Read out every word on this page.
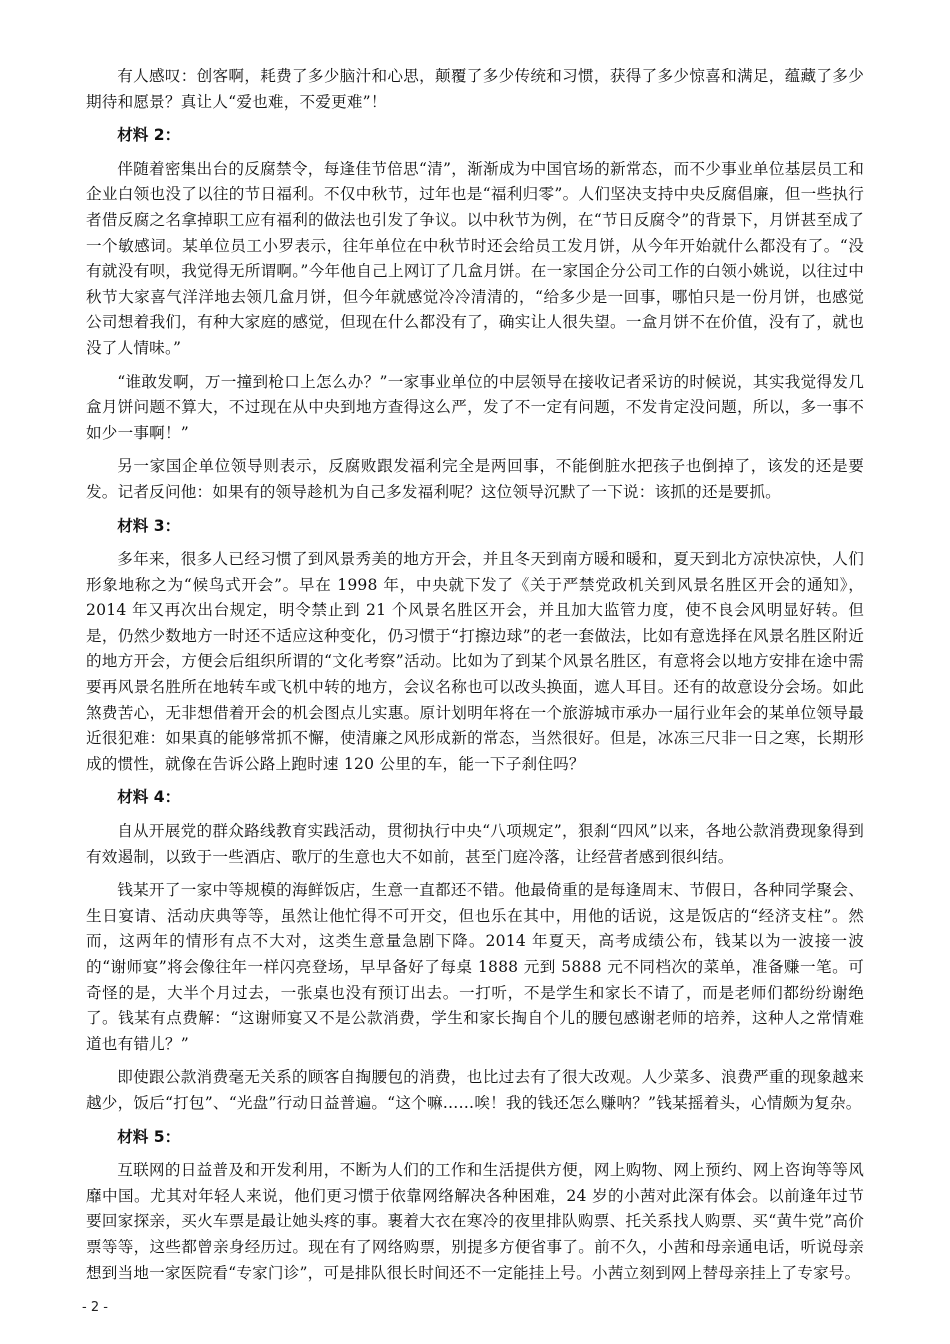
有人感叹：创客啊，耗费了多少脑汁和心思，颠覆了多少传统和习惯，获得了多少惊喜和满足，蕴藏了多少期待和愿景？真让人“爱也难，不爱更难”！

材料 2：

伴随着密集出台的反腐禁令，每逢佳节倍思“清”，渐渐成为中国官场的新常态，而不少事业单位基层员工和企业白领也没了以往的节日福利。不仅中秋节，过年也是“福利归零”。人们坚决支持中央反腐倡廉，但一些执行者借反腐之名拿掉职工应有福利的做法也引发了争议。以中秋节为例，在“节日反腐令”的背景下，月饼甚至成了一个敏感词。某单位员工小罗表示，往年单位在中秋节时还会给员工发月饼，从今年开始就什么都没有了。“没有就没有呗，我觉得无所谓啊。”今年他自己上网订了几盒月饼。在一家国企分公司工作的白领小姚说，以往过中秋节大家喜气洋洋地去领几盒月饼，但今年就感觉冷冷清清的，“给多少是一回事，哪怕只是一份月饼，也感觉公司想着我们，有种大家庭的感觉，但现在什么都没有了，确实让人很失望。一盒月饼不在价值，没有了，就也没了人情味。”

“谁敢发啊，万一撞到枪口上怎么办？”一家事业单位的中层领导在接收记者采访的时候说，其实我觉得发几盒月饼问题不算大，不过现在从中央到地方查得这么严，发了不一定有问题，不发肯定没问题，所以，多一事不如少一事啊！”

另一家国企单位领导则表示，反腐败跟发福利完全是两回事，不能倒脏水把孩子也倒掉了，该发的还是要发。记者反问他：如果有的领导趁机为自己多发福利呢？这位领导沉默了一下说：该抓的还是要抓。

材料 3：

多年来，很多人已经习惯了到风景秀美的地方开会，并且冬天到南方暖和暖和，夏天到北方凉快凉快，人们形象地称之为“候鸟式开会”。早在 1998 年，中央就下发了《关于严禁党政机关到风景名胜区开会的通知》，2014 年又再次出台规定，明令禁止到 21 个风景名胜区开会，并且加大监管力度，使不良会风明显好转。但是，仍然少数地方一时还不适应这种变化，仍习惯于“打擦边球”的老一套做法，比如有意选择在风景名胜区附近的地方开会，方便会后组织所谓的“文化考察”活动。比如为了到某个风景名胜区，有意将会以地方安排在途中需要再风景名胜所在地转车或飞机中转的地方，会议名称也可以改头换面，遮人耳目。还有的故意设分会场。如此煞费苦心，无非想借着开会的机会图点儿实惠。原计划明年将在一个旅游城市承办一届行业年会的某单位领导最近很犯难：如果真的能够常抓不懈，使清廉之风形成新的常态，当然很好。但是，冰冻三尺非一日之寒，长期形成的惯性，就像在告诉公路上跑时速 120 公里的车，能一下子刹住吗？

材料 4：

自从开展党的群众路线教育实践活动，贯彻执行中央“八项规定”，狠刹“四风”以来，各地公款消费现象得到有效遏制，以致于一些酒店、歌厅的生意也大不如前，甚至门庭冷落，让经营者感到很纠结。

钱某开了一家中等规模的海鲜饭店，生意一直都还不错。他最倚重的是每逢周末、节假日，各种同学聚会、生日宴请、活动庆典等等，虽然让他忙得不可开交，但也乐在其中，用他的话说，这是饭店的“经济支柱”。然而，这两年的情形有点不大对，这类生意量急剧下降。2014 年夏天，高考成绩公布，钱某以为一波接一波的“谢师宴”将会像往年一样闪亮登场，早早备好了每桌 1888 元到 5888 元不同档次的菜单，准备赚一笔。可奇怪的是，大半个月过去，一张桌也没有预订出去。一打听，不是学生和家长不请了，而是老师们都纷纷谢绝了。钱某有点费解：“这谢师宴又不是公款消费，学生和家长掏自个儿的腰包感谢老师的培养，这种人之常情难道也有错儿？”

即使跟公款消费毫无关系的顾客自掏腰包的消费，也比过去有了很大改观。人少菜多、浪费严重的现象越来越少，饭后“打包”、“光盘”行动日益普遍。“这个嘛……唉！我的钱还怎么赚呐？”钱某摇着头，心情颇为复杂。

材料 5：

互联网的日益普及和开发利用，不断为人们的工作和生活提供方便，网上购物、网上预约、网上咨询等等风靡中国。尤其对年轻人来说，他们更习惯于依靠网络解决各种困难，24 岁的小茜对此深有体会。以前逢年过节要回家探亲，买火车票是最让她头疼的事。裹着大衣在寒冷的夜里排队购票、托关系找人购票、买“黄牛党”高价票等等，这些都曾亲身经历过。现在有了网络购票，别提多方便省事了。前不久，小茜和母亲通电话，听说母亲想到当地一家医院看“专家门诊”，可是排队很长时间还不一定能挂上号。小茜立刻到网上替母亲挂上了专家号。

- 2 -
